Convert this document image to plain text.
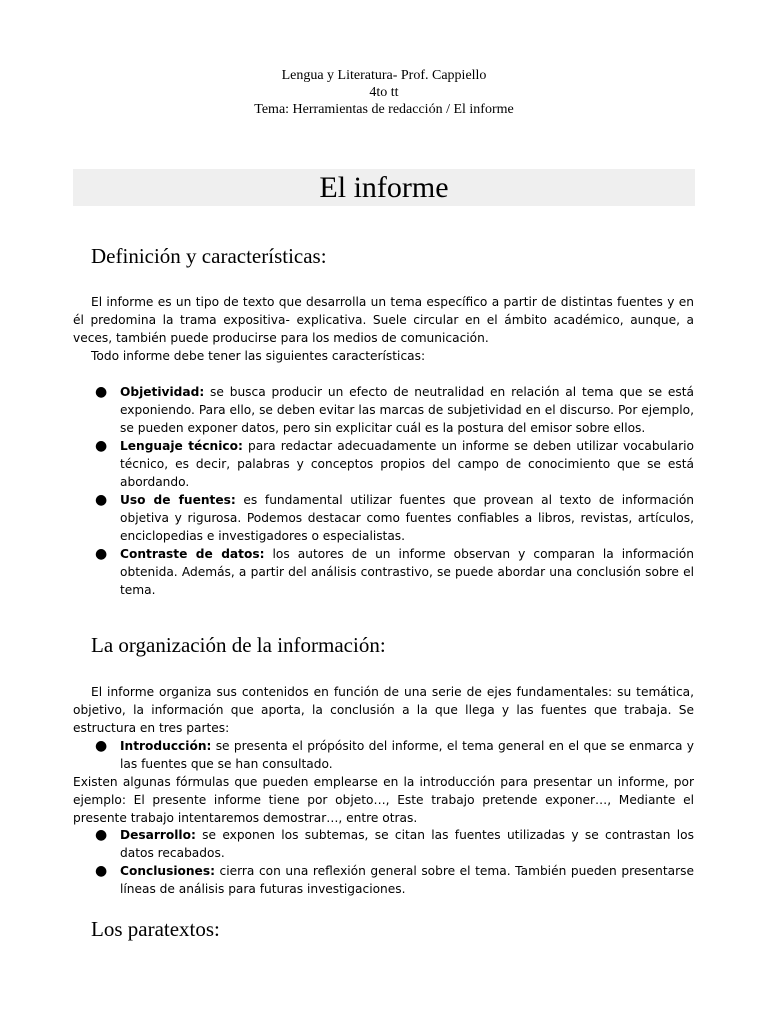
Lengua y Literatura- Prof. Cappiello
4to tt
Tema: Herramientas de redacción / El informe
El informe
Definición y características:
El informe es un tipo de texto que desarrolla un tema específico a partir de distintas fuentes y en él predomina la trama expositiva- explicativa. Suele circular en el ámbito académico, aunque, a veces, también puede producirse para los medios de comunicación.
Todo informe debe tener las siguientes características:
● Objetividad: se busca producir un efecto de neutralidad en relación al tema que se está exponiendo. Para ello, se deben evitar las marcas de subjetividad en el discurso. Por ejemplo, se pueden exponer datos, pero sin explicitar cuál es la postura del emisor sobre ellos.
● Lenguaje técnico: para redactar adecuadamente un informe se deben utilizar vocabulario técnico, es decir, palabras y conceptos propios del campo de conocimiento que se está abordando.
● Uso de fuentes: es fundamental utilizar fuentes que provean al texto de información objetiva y rigurosa. Podemos destacar como fuentes confiables a libros, revistas, artículos, enciclopedias e investigadores o especialistas.
● Contraste de datos: los autores de un informe observan y comparan la información obtenida. Además, a partir del análisis contrastivo, se puede abordar una conclusión sobre el tema.
La organización de la información:
El informe organiza sus contenidos en función de una serie de ejes fundamentales: su temática, objetivo, la información que aporta, la conclusión a la que llega y las fuentes que trabaja. Se estructura en tres partes:
● Introducción: se presenta el própósito del informe, el tema general en el que se enmarca y las fuentes que se han consultado.
Existen algunas fórmulas que pueden emplearse en la introducción para presentar un informe, por ejemplo: El presente informe tiene por objeto…, Este trabajo pretende exponer…, Mediante el presente trabajo intentaremos demostrar…, entre otras.
● Desarrollo: se exponen los subtemas, se citan las fuentes utilizadas y se contrastan los datos recabados.
● Conclusiones: cierra con una reflexión general sobre el tema. También pueden presentarse líneas de análisis para futuras investigaciones.
Los paratextos:
